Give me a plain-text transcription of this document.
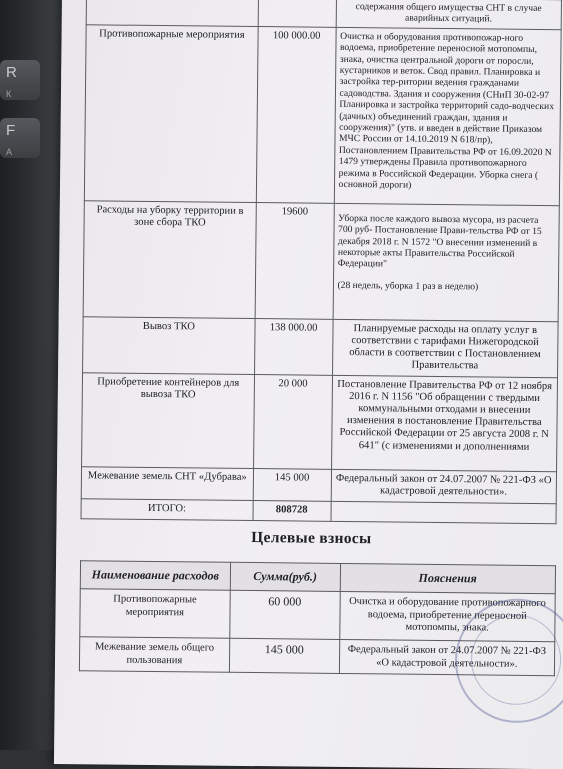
R
К
F
А
		содержания общего имущества СНТ в случае аварийных ситуаций.
Противопожарные мероприятия	100 000.00	Очистка и оборудования противопожар-ного водоема, приобретение переносной мотопомпы, знака, очистка центральной дороги от поросли, кустарников и веток. Свод правил. Планировка и застройка тер-ритории ведения гражданами садоводства. Здания и сооружения (СНиП 30-02-97 Планировка и застройка территорий садо-водческих (дачных) объединений граждан, здания и сооружения)" (утв. и введен в действие Приказом МЧС России от 14.10.2019 N 618/пр), Постановлением Правительства РФ от 16.09.2020 N 1479 утверждены Правила противопожарного режима в Российской Федерации. Уборка снега ( основной дороги)
Расходы на уборку территории в зоне сбора ТКО	19600	Уборка после каждого вывоза мусора, из расчета 700 руб- Постановление Прави-тельства РФ от 15 декабря 2018 г. N 1572 "О внесении изменений в некоторые акты Правительства Российской Федерации"
(28 недель, уборка 1 раз в неделю)

Вывоз ТКО	138 000.00	Планируемые расходы на оплату услуг в соответствии с тарифами Нижегородской области в соответствии с Постановлением Правительства
Приобретение контейнеров для вывоза ТКО	20 000	Постановление Правительства РФ от 12 ноября 2016 г. N 1156 "Об обращении с твердыми коммунальными отходами и внесении изменения в постановление Правительства Российской Федерации от 25 августа 2008 г. N 641" (с изменениями и дополнениями
Межевание земель СНТ «Дубрава»	145 000	Федеральный закон от 24.07.2007 № 221-ФЗ «О кадастровой деятельности».
ИТОГО:	808728	
Целевые взносы
Наименование расходов	Сумма(руб.)	Пояснения
Противопожарные мероприятия	60 000	Очистка и оборудование противопожарного водоема, приобретение переносной мотопомпы, знака.
Межевание земель общего пользования	145 000	Федеральный закон от 24.07.2007 № 221-ФЗ «О кадастровой деятельности».
